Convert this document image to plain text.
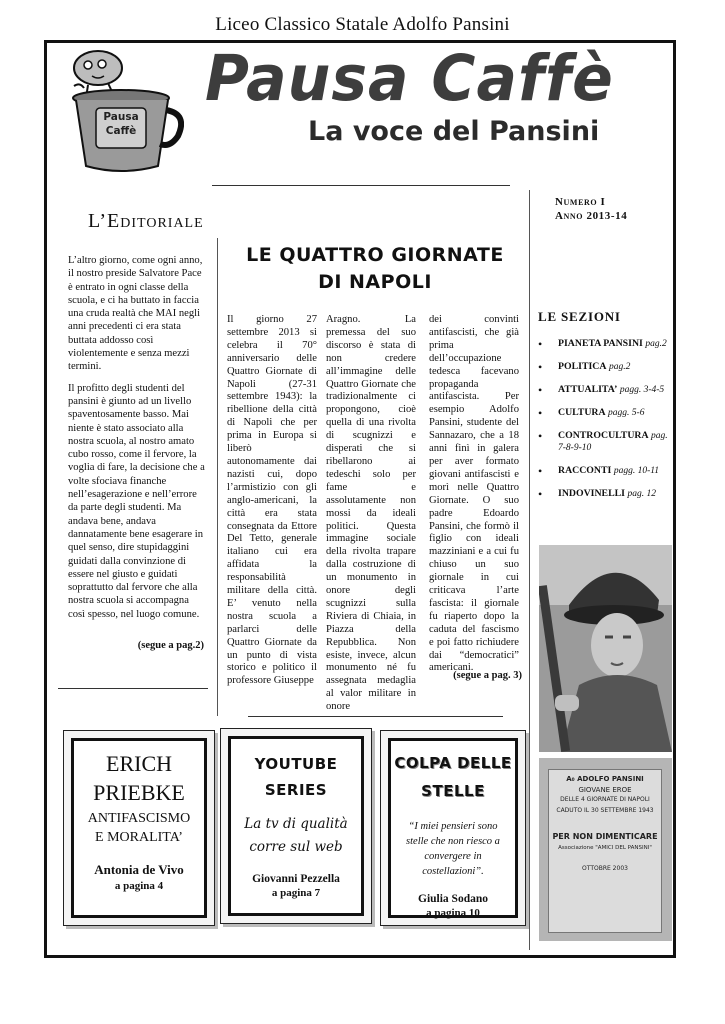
Liceo Classico Statale Adolfo Pansini
Pausa
Caffè
Pausa Caffè
La voce del Pansini
Numero I
Anno 2013-14
L’Editoriale

L’altro giorno, come ogni anno, il nostro preside Salvatore Pace è entrato in ogni classe della scuola, e ci ha buttato in faccia una cruda realtà che MAI negli anni precedenti ci era stata buttata addosso così violentemente e senza mezzi termini.

Il profitto degli studenti del pansini è giunto ad un livello spaventosamente basso. Mai niente è stato associato alla nostra scuola, al nostro amato cubo rosso, come il fervore, la voglia di fare, la decisione che a volte sfociava finanche nell’esagerazione e nell’errore da parte degli studenti. Ma andava bene, andava dannatamente bene esagerare in quel senso, dire stupidaggini guidati dalla convinzione di essere nel giusto e guidati soprattutto dal fervore che alla nostra scuola si accompagna così spesso, nel luogo comune.

(segue a pag.2)
LE QUATTRO GIORNATE
DI NAPOLI
Il giorno 27 settembre 2013 si celebra il 70° anniversario delle Quattro Giornate di Napoli (27-31 settembre 1943): la ribellione della città di Napoli che per prima in Europa si liberò autonomamente dai nazisti cui, dopo l’armistizio con gli anglo-americani, la città era stata consegnata da Ettore Del Tetto, generale italiano cui era affidata la responsabilità militare della città. E’ venuto nella nostra scuola a parlarci delle Quattro Giornate da un punto di vista storico e politico il professore Giuseppe
Aragno. La premessa del suo discorso è stata di non credere all’immagine delle Quattro Giornate che tradizionalmente ci propongono, cioè quella di una rivolta di scugnizzi e disperati che si ribellarono ai tedeschi solo per fame e assolutamente non mossi da ideali politici. Questa immagine sociale della rivolta trapare dalla costruzione di un monumento in onore degli scugnizzi sulla Riviera di Chiaia, in Piazza della Repubblica. Non esiste, invece, alcun monumento né fu assegnata medaglia al valor militare in onore
dei convinti antifascisti, che già prima dell’occupazione tedesca facevano propaganda antifascista. Per esempio Adolfo Pansini, studente del Sannazaro, che a 18 anni finì in galera per aver formato giovani antifascisti e morì nelle Quattro Giornate. O suo padre Edoardo Pansini, che formò il figlio con ideali mazziniani e a cui fu chiuso un suo giornale in cui criticava l’arte fascista: il giornale fu riaperto dopo la caduta del fascismo e poi fatto richiudere dai “democratici” americani.
(segue a pag. 3)
LE SEZIONI
• PIANETA PANSINI pag.2
• POLITICA pag.2
• ATTUALITA’ pagg. 3-4-5
• CULTURA pagg. 5-6
• CONTROCULTURA pag. 7-8-9-10
• RACCONTI pagg. 10-11
• INDOVINELLI pag. 12
A₀ ADOLFO PANSINI
GIOVANE EROE
DELLE 4 GIORNATE DI NAPOLI
CADUTO IL 30 SETTEMBRE 1943
PER NON DIMENTICARE
Associazione "AMICI DEL PANSINI"
OTTOBRE 2003
ERICH
PRIEBKE
ANTIFASCISMO
E MORALITA’
Antonia de Vivo
a pagina 4
YOUTUBE
SERIES
La tv di qualità
corre sul web
Giovanni Pezzella
a pagina 7
COLPA DELLE
STELLE
“I miei pensieri sono stelle che non riesco a convergere in costellazioni”.
Giulia Sodano
a pagina 10
